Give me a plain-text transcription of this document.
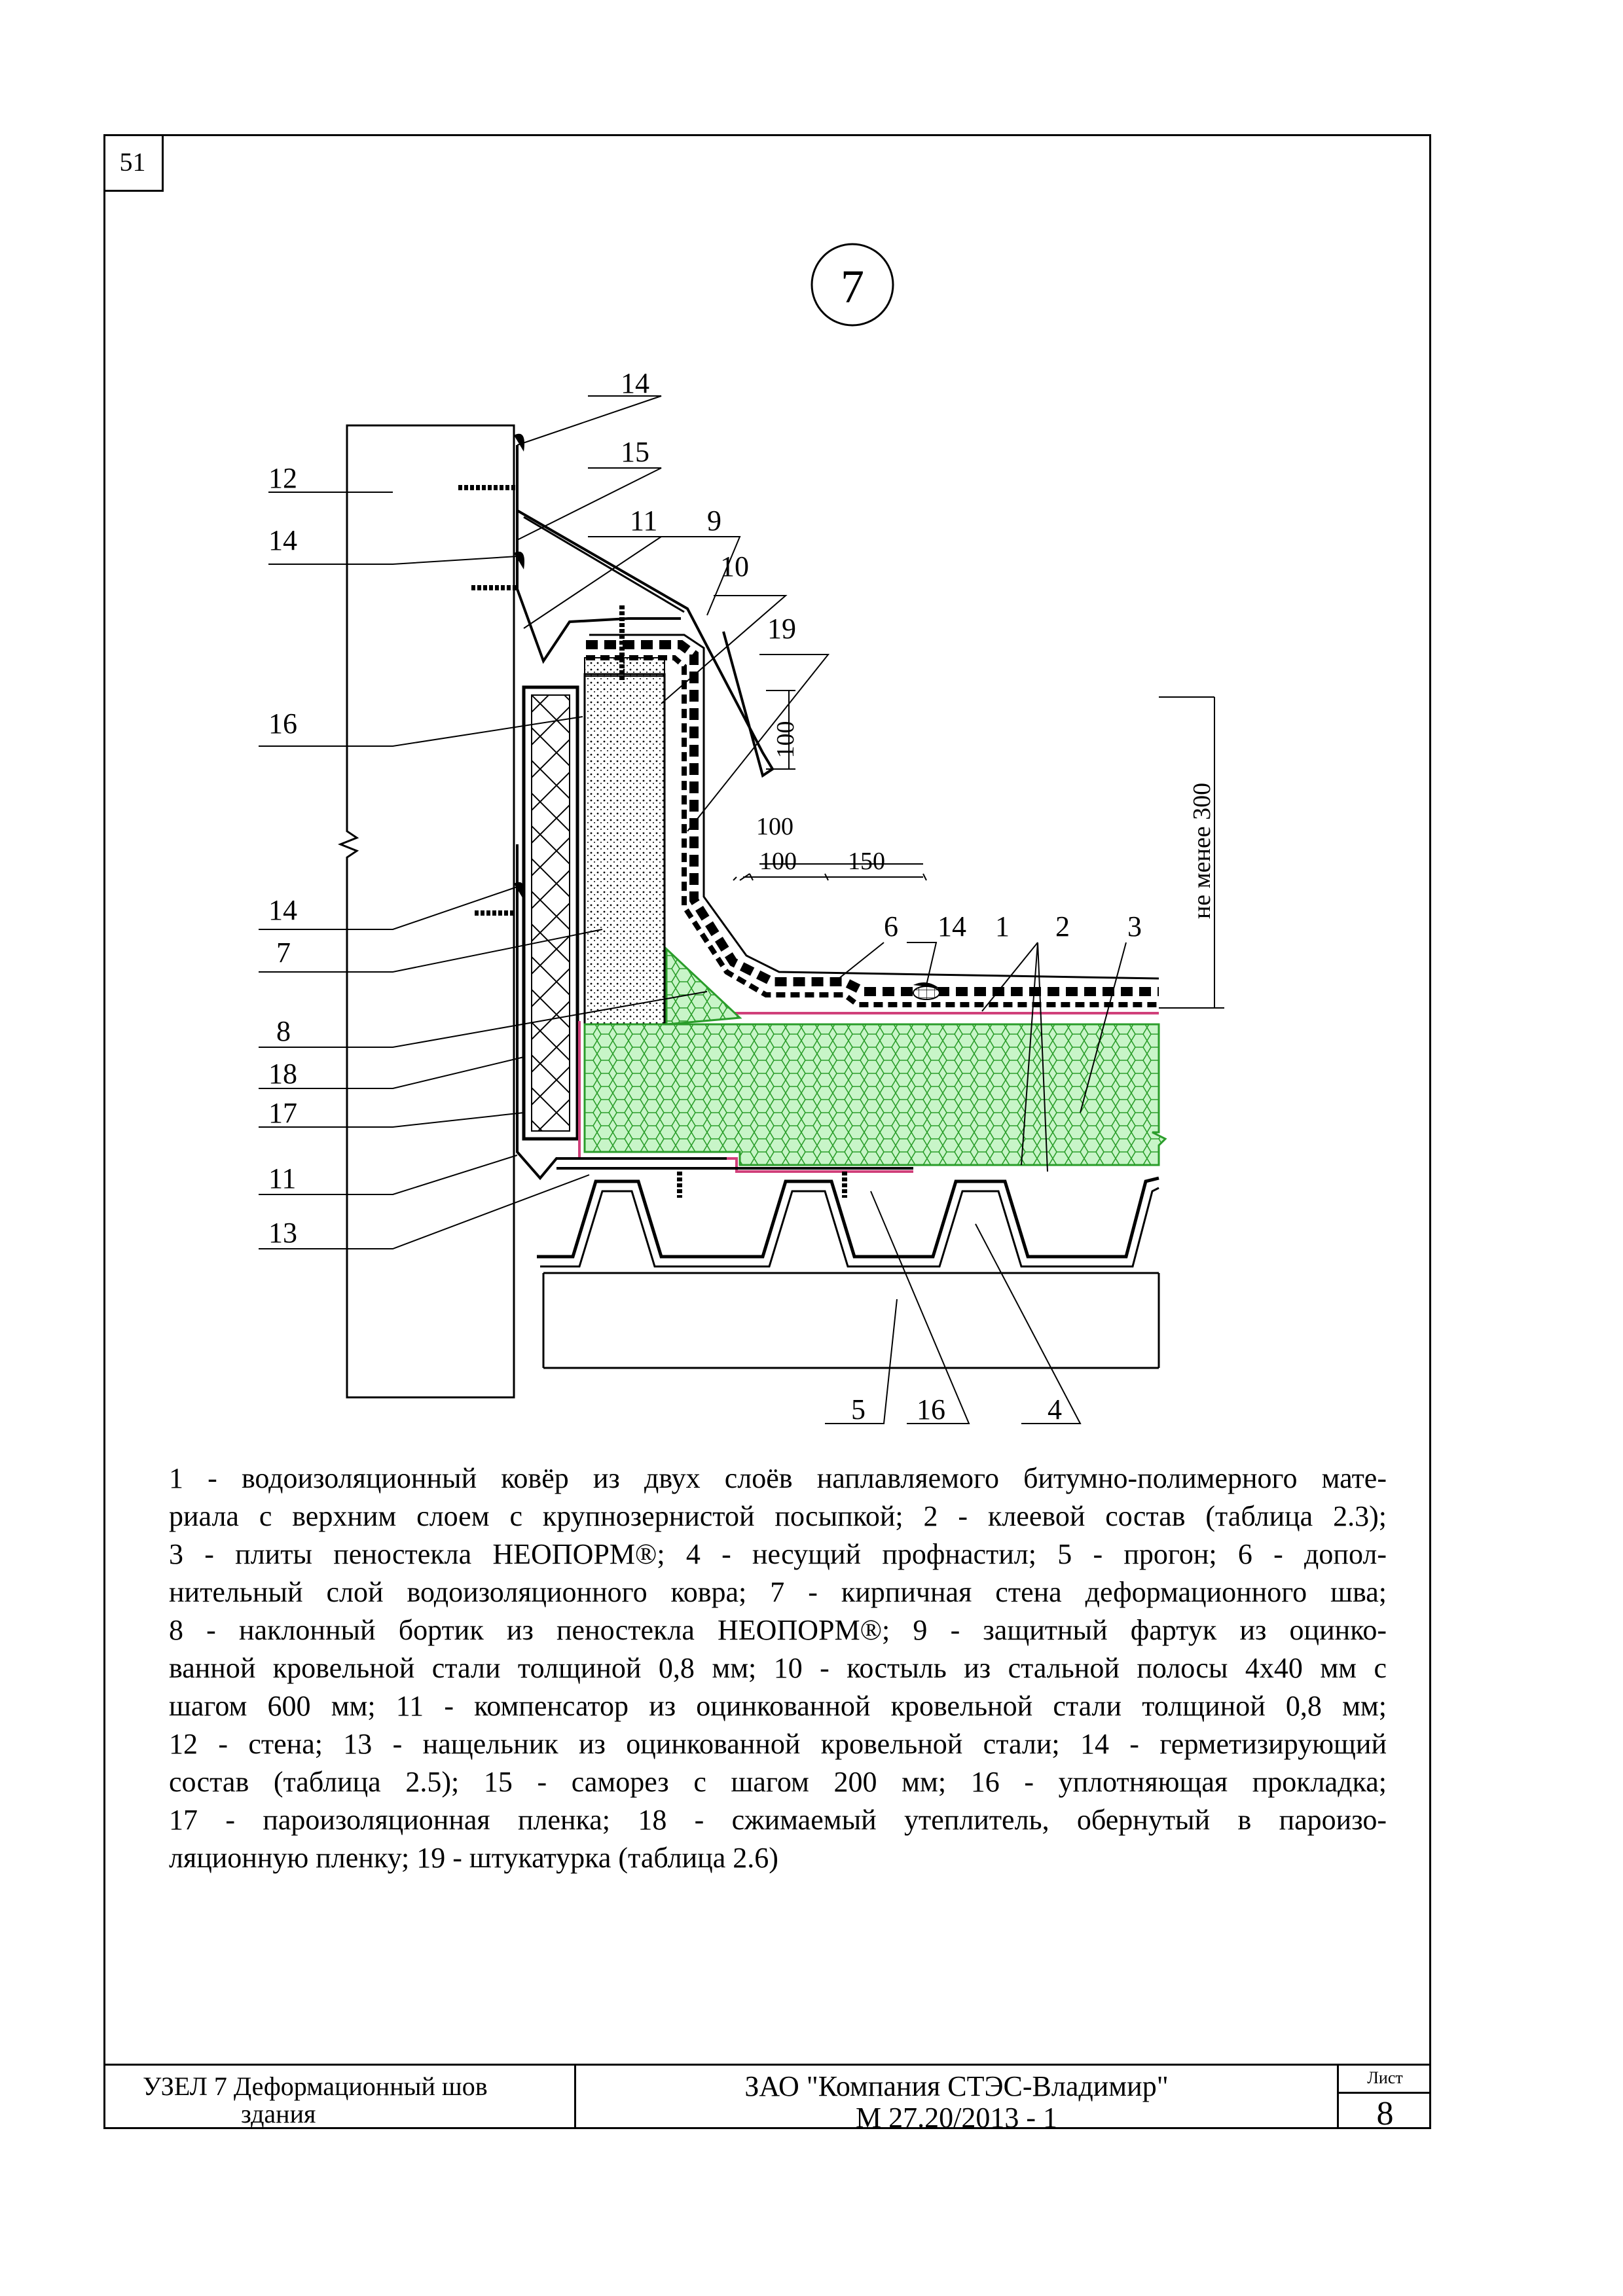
51
7
14
12
15
14
11 9
10
19
16
14
7
8
18
17
11
13
6 14 1 2 3
5 16	4
100
100
100 150	не менее 300
1 - водоизоляционный ковёр из двух слоёв наплавляемого битумно-полимерного мате-
риала с верхним слоем с крупнозернистой посыпкой; 2 - клеевой состав (таблица 2.3);
3 - плиты пеностекла НЕОПОРМ®; 4 - несущий профнастил; 5 - прогон; 6 - допол-
нительный слой водоизоляционного ковра; 7 - кирпичная стена деформационного шва;
8 - наклонный бортик из пеностекла НЕОПОРМ®; 9 - защитный фартук из оцинко-
ванной кровельной стали толщиной 0,8 мм; 10 - костыль из стальной полосы 4х40 мм с
шагом 600 мм; 11 - компенсатор из оцинкованной кровельной стали толщиной 0,8 мм;
12 - стена; 13 - нащельник из оцинкованной кровельной стали; 14 - герметизирующий
состав (таблица 2.5); 15 - саморез с шагом 200 мм; 16 - уплотняющая прокладка;
17 - пароизоляционная пленка; 18 - сжимаемый утеплитель, обернутый в пароизо-
ляционную пленку; 19 - штукатурка (таблица 2.6)
УЗЕЛ 7 Деформационный шов
здания
ЗАО "Компания СТЭС-Владимир"
М 27.20/2013 - 1
Лист
8
